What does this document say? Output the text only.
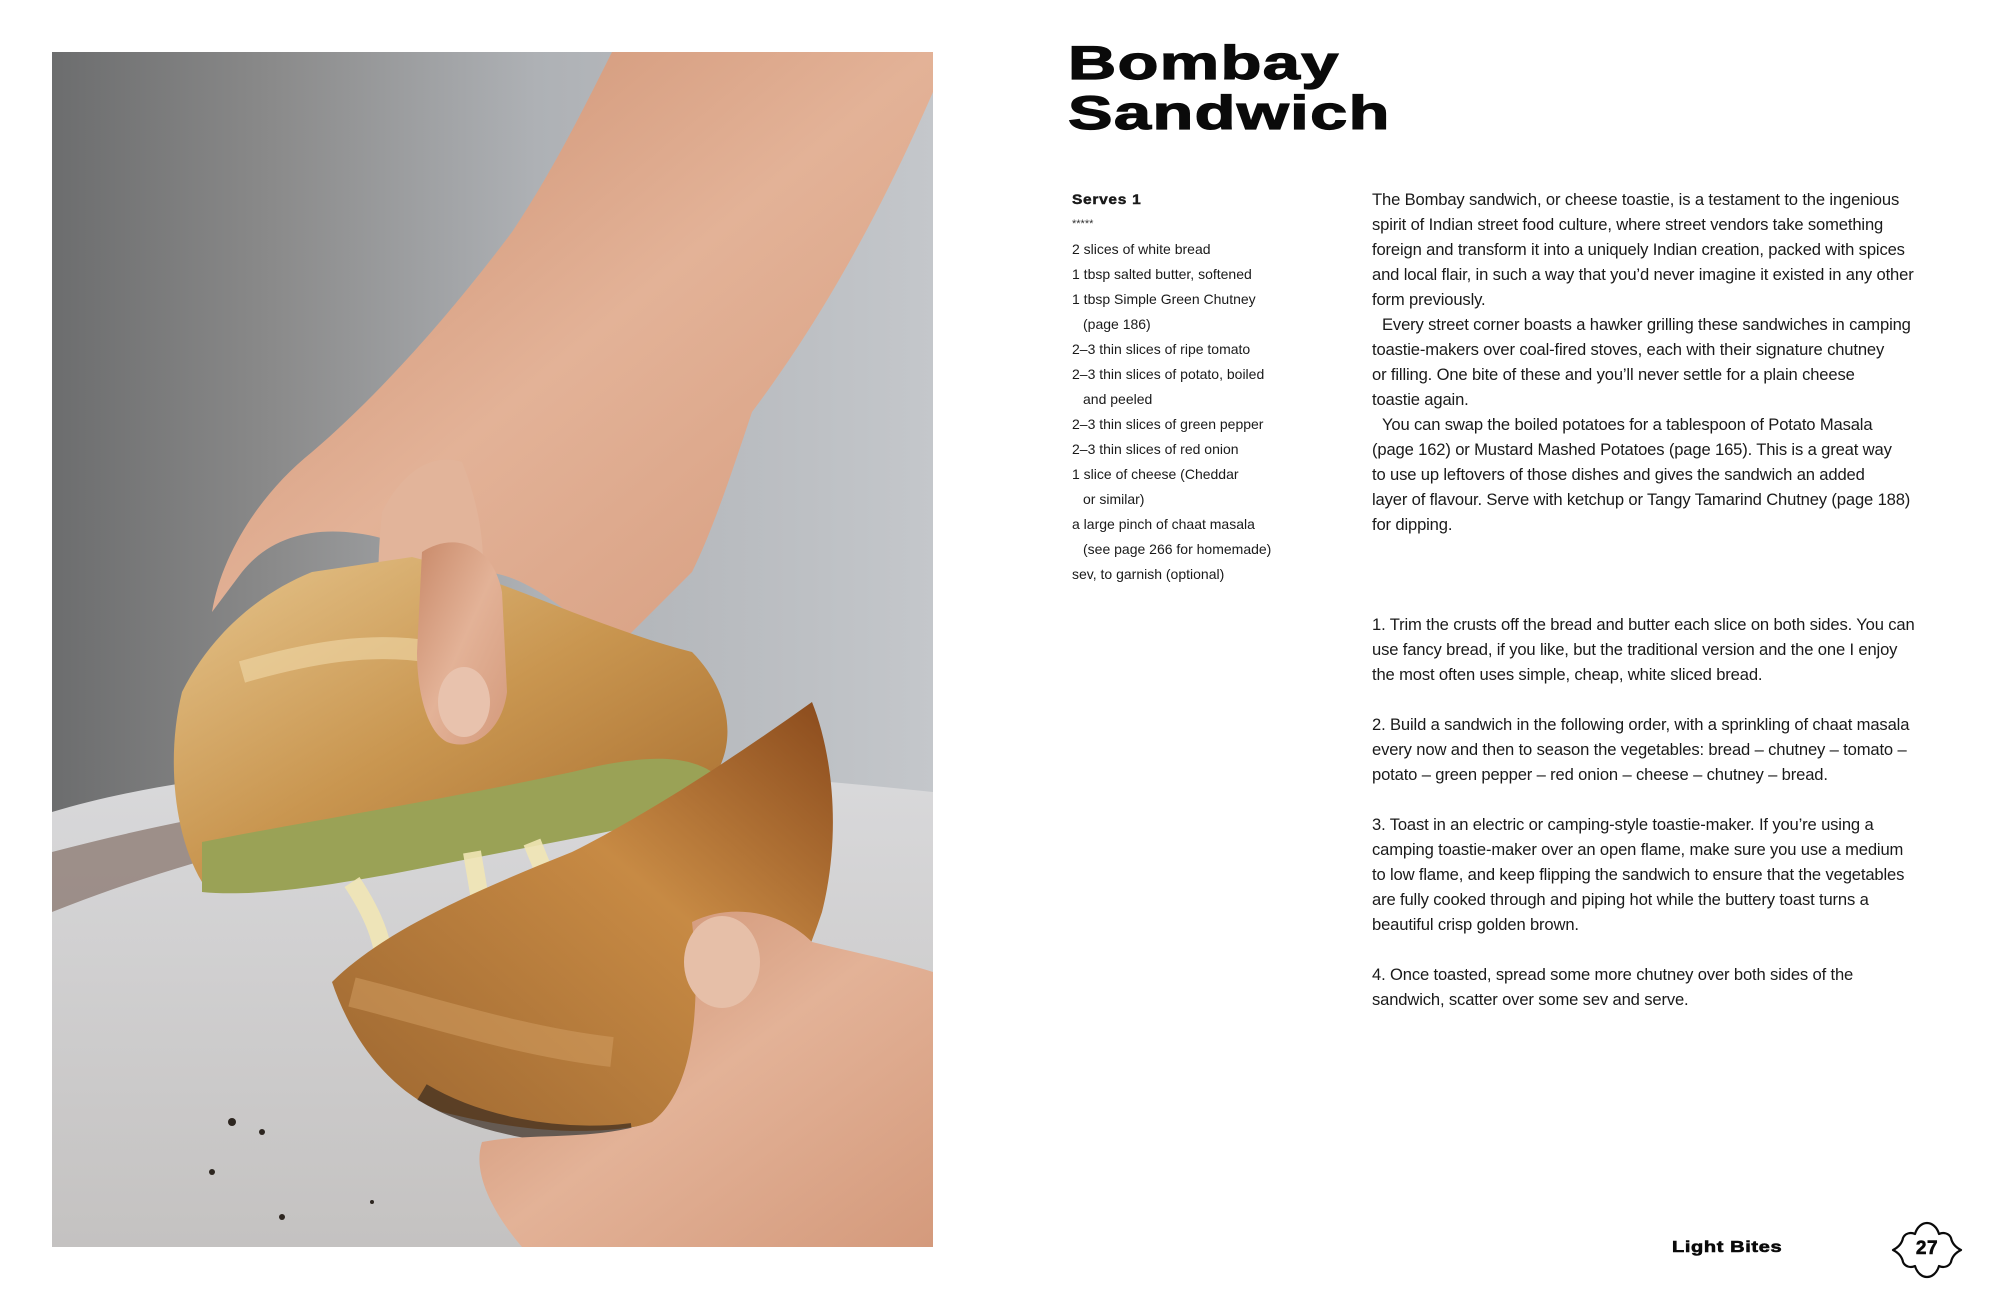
Bombay
Sandwich
Serves 1
*****
2 slices of white bread
1 tbsp salted butter, softened
1 tbsp Simple Green Chutney
(page 186)
2–3 thin slices of ripe tomato
2–3 thin slices of potato, boiled
and peeled
2–3 thin slices of green pepper
2–3 thin slices of red onion
1 slice of cheese (Cheddar
or similar)
a large pinch of chaat masala
(see page 266 for homemade)
sev, to garnish (optional)

The Bombay sandwich, or cheese toastie, is a testament to the ingenious
spirit of Indian street food culture, where street vendors take something
foreign and transform it into a uniquely Indian creation, packed with spices
and local flair, in such a way that you’d never imagine it existed in any other
form previously.

Every street corner boasts a hawker grilling these sandwiches in camping
toastie-makers over coal-fired stoves, each with their signature chutney
or filling. One bite of these and you’ll never settle for a plain cheese
toastie again.

You can swap the boiled potatoes for a tablespoon of Potato Masala
(page 162) or Mustard Mashed Potatoes (page 165). This is a great way
to use up leftovers of those dishes and gives the sandwich an added
layer of flavour. Serve with ketchup or Tangy Tamarind Chutney (page 188)
for dipping.

1. Trim the crusts off the bread and butter each slice on both sides. You can
use fancy bread, if you like, but the traditional version and the one I enjoy
the most often uses simple, cheap, white sliced bread.

2. Build a sandwich in the following order, with a sprinkling of chaat masala
every now and then to season the vegetables: bread – chutney – tomato –
potato – green pepper – red onion – cheese – chutney – bread.

3. Toast in an electric or camping-style toastie-maker. If you’re using a
camping toastie-maker over an open flame, make sure you use a medium
to low flame, and keep flipping the sandwich to ensure that the vegetables
are fully cooked through and piping hot while the buttery toast turns a
beautiful crisp golden brown.

4. Once toasted, spread some more chutney over both sides of the
sandwich, scatter over some sev and serve.

Light Bites	27
